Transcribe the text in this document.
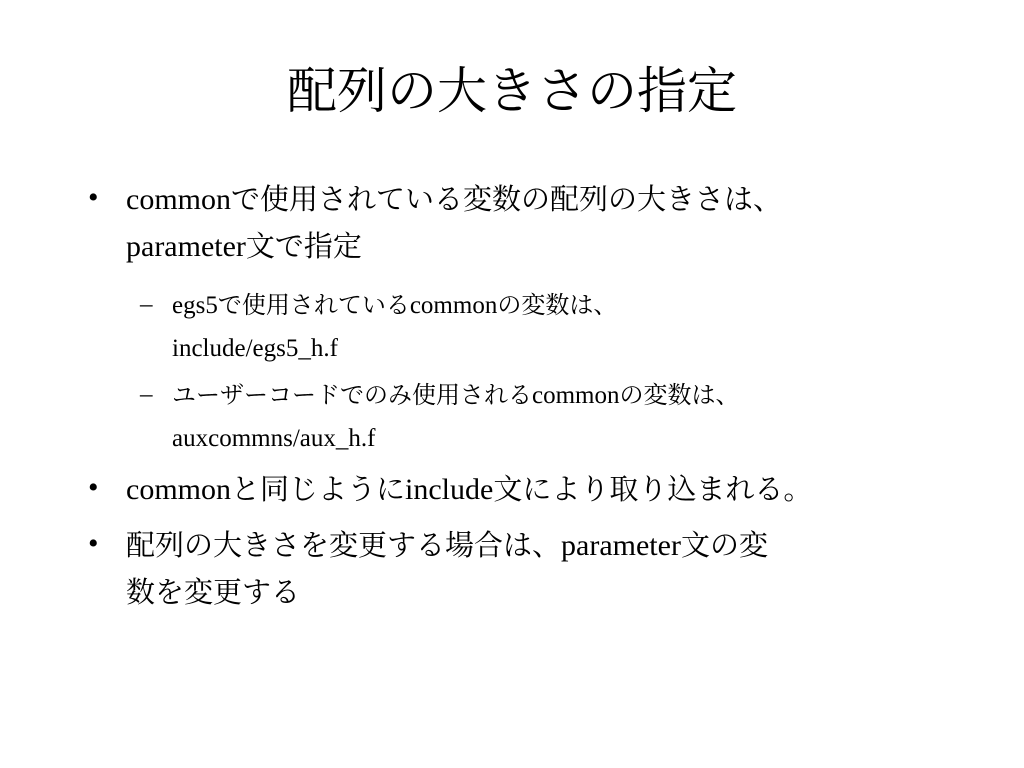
配列の大きさの指定
• commonで使用されている変数の配列の大きさは、
parameter文で指定
– egs5で使用されているcommonの変数は、
include/egs5_h.f
– ユーザーコードでのみ使用されるcommonの変数は、
auxcommns/aux_h.f
• commonと同じようにinclude文により取り込まれる。
• 配列の大きさを変更する場合は、parameter文の変
数を変更する
